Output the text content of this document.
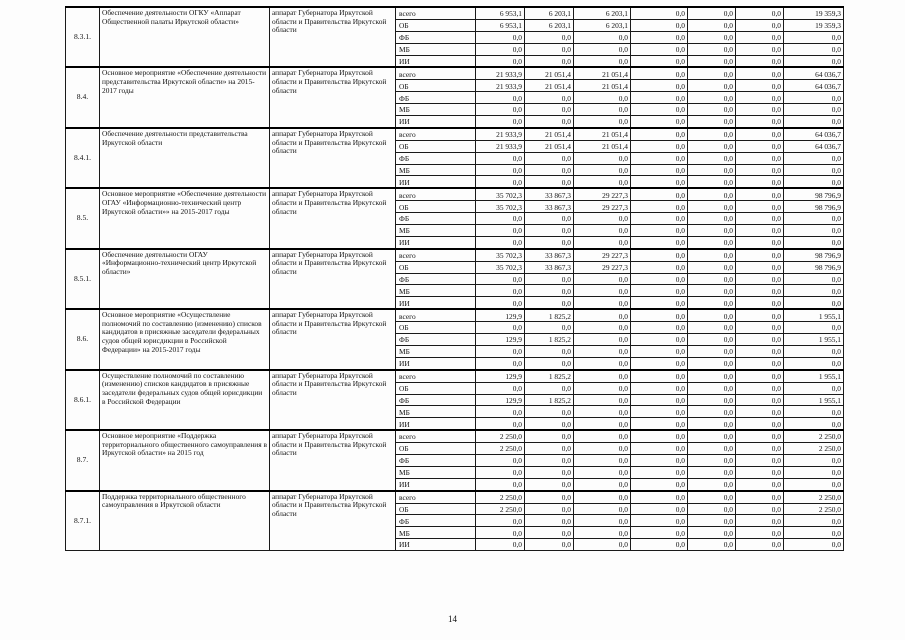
8.3.1.	Обеспечение деятельности ОГКУ «Аппарат Общественной палаты Иркутской области»	аппарат Губернатора Иркутской области и Правительства Иркутской области	всего	6 953,1	6 203,1	6 203,1	0,0	0,0	0,0	19 359,3
			ОБ	6 953,1	6 203,1	6 203,1	0,0	0,0	0,0	19 359,3
			ФБ	0,0	0,0	0,0	0,0	0,0	0,0	0,0
			МБ	0,0	0,0	0,0	0,0	0,0	0,0	0,0
			ИИ	0,0	0,0	0,0	0,0	0,0	0,0	0,0
8.4.	Основное мероприятие «Обеспечение деятельности представительства Иркутской области» на 2015-2017 годы	аппарат Губернатора Иркутской области и Правительства Иркутской области	всего	21 933,9	21 051,4	21 051,4	0,0	0,0	0,0	64 036,7
			ОБ	21 933,9	21 051,4	21 051,4	0,0	0,0	0,0	64 036,7
			ФБ	0,0	0,0	0,0	0,0	0,0	0,0	0,0
			МБ	0,0	0,0	0,0	0,0	0,0	0,0	0,0
			ИИ	0,0	0,0	0,0	0,0	0,0	0,0	0,0
8.4.1.	Обеспечение деятельности представительства Иркутской области	аппарат Губернатора Иркутской области и Правительства Иркутской области	всего	21 933,9	21 051,4	21 051,4	0,0	0,0	0,0	64 036,7
			ОБ	21 933,9	21 051,4	21 051,4	0,0	0,0	0,0	64 036,7
			ФБ	0,0	0,0	0,0	0,0	0,0	0,0	0,0
			МБ	0,0	0,0	0,0	0,0	0,0	0,0	0,0
			ИИ	0,0	0,0	0,0	0,0	0,0	0,0	0,0
8.5.	Основное мероприятие «Обеспечение деятельности ОГАУ «Информационно-технический центр Иркутской области»» на 2015-2017 годы	аппарат Губернатора Иркутской области и Правительства Иркутской области	всего	35 702,3	33 867,3	29 227,3	0,0	0,0	0,0	98 796,9
			ОБ	35 702,3	33 867,3	29 227,3	0,0	0,0	0,0	98 796,9
			ФБ	0,0	0,0	0,0	0,0	0,0	0,0	0,0
			МБ	0,0	0,0	0,0	0,0	0,0	0,0	0,0
			ИИ	0,0	0,0	0,0	0,0	0,0	0,0	0,0
8.5.1.	Обеспечение деятельности ОГАУ «Информационно-технический центр Иркутской области»	аппарат Губернатора Иркутской области и Правительства Иркутской области	всего	35 702,3	33 867,3	29 227,3	0,0	0,0	0,0	98 796,9
			ОБ	35 702,3	33 867,3	29 227,3	0,0	0,0	0,0	98 796,9
			ФБ	0,0	0,0	0,0	0,0	0,0	0,0	0,0
			МБ	0,0	0,0	0,0	0,0	0,0	0,0	0,0
			ИИ	0,0	0,0	0,0	0,0	0,0	0,0	0,0
8.6.	Основное мероприятие «Осуществление полномочий по составлению (изменению) списков кандидатов в присяжные заседатели федеральных судов общей юрисдикции в Российской Федерации» на 2015-2017 годы	аппарат Губернатора Иркутской области и Правительства Иркутской области	всего	129,9	1 825,2	0,0	0,0	0,0	0,0	1 955,1
			ОБ	0,0	0,0	0,0	0,0	0,0	0,0	0,0
			ФБ	129,9	1 825,2	0,0	0,0	0,0	0,0	1 955,1
			МБ	0,0	0,0	0,0	0,0	0,0	0,0	0,0
			ИИ	0,0	0,0	0,0	0,0	0,0	0,0	0,0
8.6.1.	Осуществление полномочий по составлению (изменению) списков кандидатов в присяжные заседатели федеральных судов общей юрисдикции в Российской Федерации	аппарат Губернатора Иркутской области и Правительства Иркутской области	всего	129,9	1 825,2	0,0	0,0	0,0	0,0	1 955,1
			ОБ	0,0	0,0	0,0	0,0	0,0	0,0	0,0
			ФБ	129,9	1 825,2	0,0	0,0	0,0	0,0	1 955,1
			МБ	0,0	0,0	0,0	0,0	0,0	0,0	0,0
			ИИ	0,0	0,0	0,0	0,0	0,0	0,0	0,0
8.7.	Основное мероприятие «Поддержка территориального общественного самоуправления в Иркутской области» на 2015 год	аппарат Губернатора Иркутской области и Правительства Иркутской области	всего	2 250,0	0,0	0,0	0,0	0,0	0,0	2 250,0
			ОБ	2 250,0	0,0	0,0	0,0	0,0	0,0	2 250,0
			ФБ	0,0	0,0	0,0	0,0	0,0	0,0	0,0
			МБ	0,0	0,0	0,0	0,0	0,0	0,0	0,0
			ИИ	0,0	0,0	0,0	0,0	0,0	0,0	0,0
8.7.1.	Поддержка территориального общественного самоуправления в Иркутской области	аппарат Губернатора Иркутской области и Правительства Иркутской области	всего	2 250,0	0,0	0,0	0,0	0,0	0,0	2 250,0
			ОБ	2 250,0	0,0	0,0	0,0	0,0	0,0	2 250,0
			ФБ	0,0	0,0	0,0	0,0	0,0	0,0	0,0
			МБ	0,0	0,0	0,0	0,0	0,0	0,0	0,0
			ИИ	0,0	0,0	0,0	0,0	0,0	0,0	0,0
14
